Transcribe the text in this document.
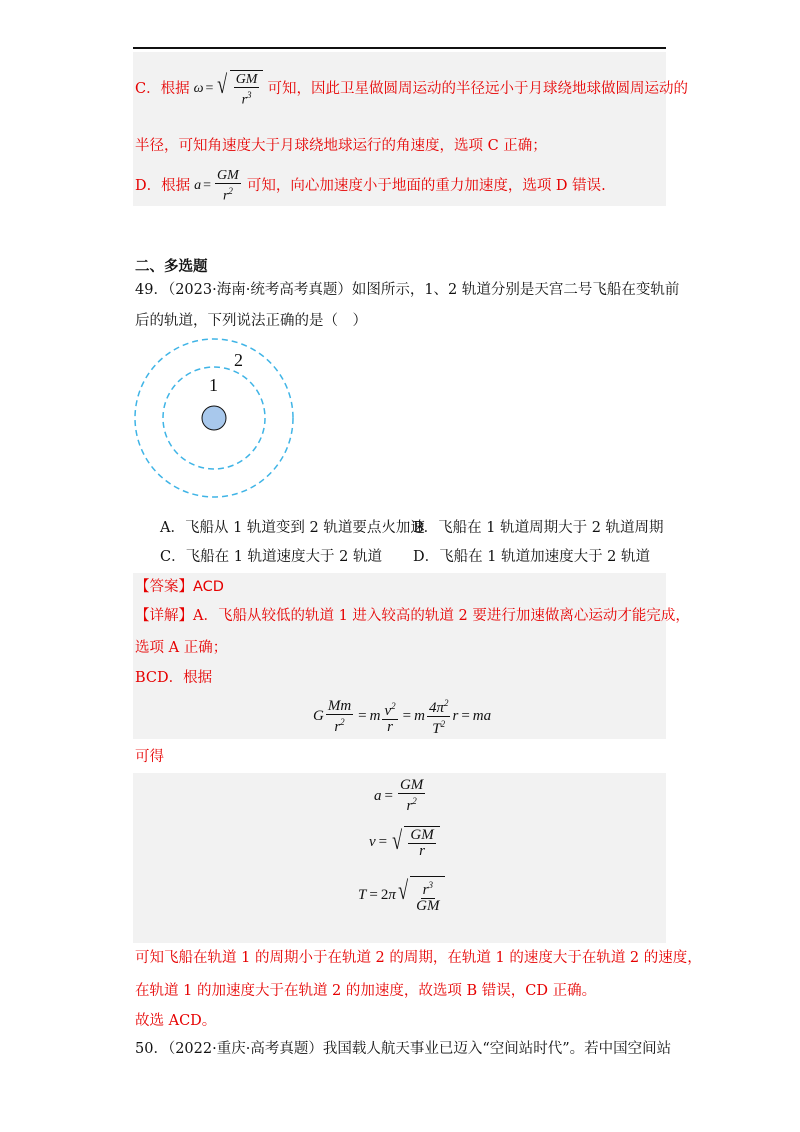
C．根据 ω = √ $\frac{GM}{r^3}$ 可知，因此卫星做圆周运动的半径远小于月球绕地球做圆周运动的
半径，可知角速度大于月球绕地球运行的角速度，选项 C 正确；
D．根据 $a = \frac{GM}{r^2}$ 可知，向心加速度小于地面的重力加速度，选项 D 错误.
二、多选题
49．（2023·海南·统考高考真题）如图所示，1、2 轨道分别是天宫二号飞船在变轨前
后的轨道，下列说法正确的是（　）
2
1
A．飞船从 1 轨道变到 2 轨道要点火加速
B．飞船在 1 轨道周期大于 2 轨道周期
C．飞船在 1 轨道速度大于 2 轨道 D．飞船在 1 轨道加速度大于 2 轨道
【答案】ACD
【详解】A．飞船从较低的轨道 1 进入较高的轨道 2 要进行加速做离心运动才能完成，
选项 A 正确；
BCD．根据
G $\frac{Mm}{r^2} = m \frac{v^2}{r} = m \frac{4\pi^2}{T^2}$ r = ma
可得
$a = \frac{GM}{r^2}$
v = √ $\frac{GM}{r}$
T = 2 π √ $\frac{r^3}{GM}$
可知飞船在轨道 1 的周期小于在轨道 2 的周期，在轨道 1 的速度大于在轨道 2 的速度，
在轨道 1 的加速度大于在轨道 2 的加速度，故选项 B 错误，CD 正确。
故选 ACD。
50．（2022·重庆·高考真题）我国载人航天事业已迈入“空间站时代”。若中国空间站
